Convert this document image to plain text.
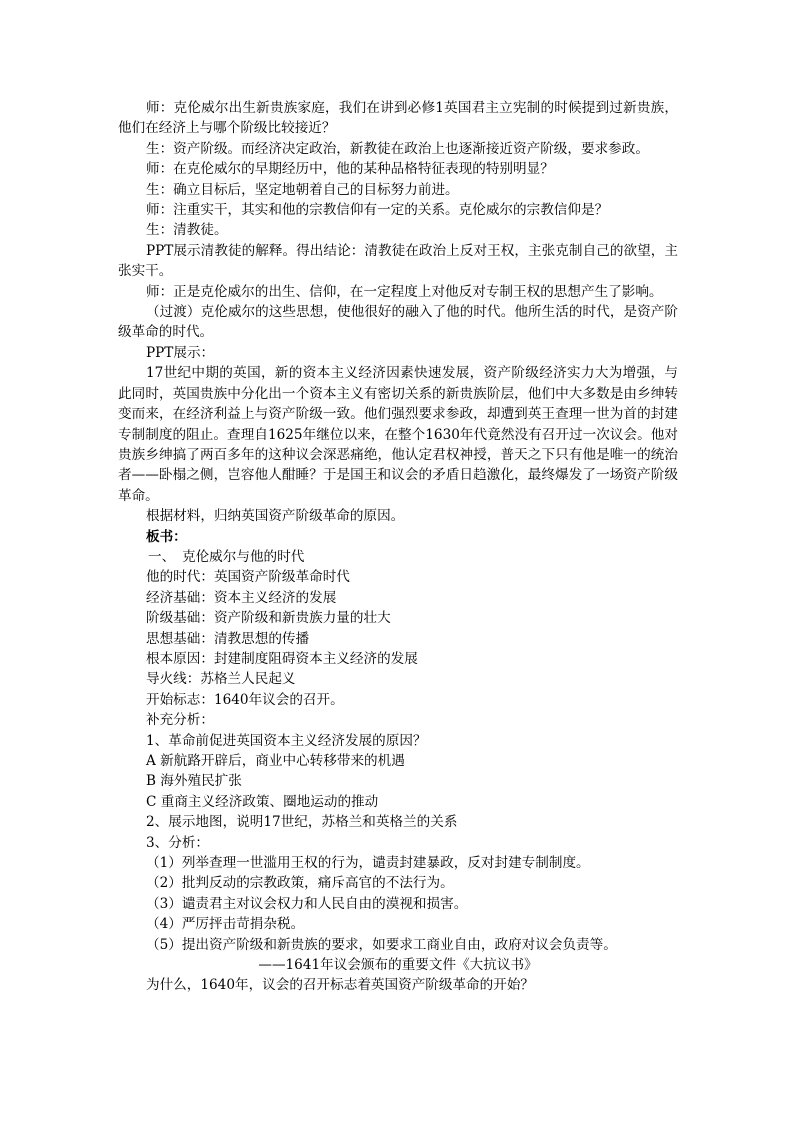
师：克伦威尔出生新贵族家庭，我们在讲到必修1英国君主立宪制的时候提到过新贵族，他们在经济上与哪个阶级比较接近？

生：资产阶级。而经济决定政治，新教徒在政治上也逐渐接近资产阶级，要求参政。

师：在克伦威尔的早期经历中，他的某种品格特征表现的特别明显？

生：确立目标后，坚定地朝着自己的目标努力前进。

师：注重实干，其实和他的宗教信仰有一定的关系。克伦威尔的宗教信仰是？

生：清教徒。

PPT展示清教徒的解释。得出结论：清教徒在政治上反对王权，主张克制自己的欲望，主张实干。

师：正是克伦威尔的出生、信仰，在一定程度上对他反对专制王权的思想产生了影响。

（过渡）克伦威尔的这些思想，使他很好的融入了他的时代。他所生活的时代，是资产阶级革命的时代。

PPT展示：

17世纪中期的英国，新的资本主义经济因素快速发展，资产阶级经济实力大为增强，与此同时，英国贵族中分化出一个资本主义有密切关系的新贵族阶层，他们中大多数是由乡绅转变而来，在经济利益上与资产阶级一致。他们强烈要求参政，却遭到英王查理一世为首的封建专制制度的阻止。查理自1625年继位以来，在整个1630年代竟然没有召开过一次议会。他对贵族乡绅搞了两百多年的这种议会深恶痛绝，他认定君权神授，普天之下只有他是唯一的统治者——卧榻之侧，岂容他人酣睡？于是国王和议会的矛盾日趋激化，最终爆发了一场资产阶级革命。

根据材料，归纳英国资产阶级革命的原因。

板书：

一、　克伦威尔与他的时代

他的时代：英国资产阶级革命时代

经济基础：资本主义经济的发展

阶级基础：资产阶级和新贵族力量的壮大

思想基础：清教思想的传播

根本原因：封建制度阻碍资本主义经济的发展

导火线：苏格兰人民起义

开始标志：1640年议会的召开。

补充分析：

1、革命前促进英国资本主义经济发展的原因？

A 新航路开辟后，商业中心转移带来的机遇

B 海外殖民扩张

C 重商主义经济政策、圈地运动的推动

2、展示地图，说明17世纪，苏格兰和英格兰的关系

3、分析：

（1）列举查理一世滥用王权的行为，谴责封建暴政，反对封建专制制度。

（2）批判反动的宗教政策，痛斥高官的不法行为。

（3）谴责君主对议会权力和人民自由的漠视和损害。

（4）严厉抨击苛捐杂税。

（5）提出资产阶级和新贵族的要求，如要求工商业自由，政府对议会负责等。

——1641年议会颁布的重要文件《大抗议书》

为什么，1640年，议会的召开标志着英国资产阶级革命的开始？
